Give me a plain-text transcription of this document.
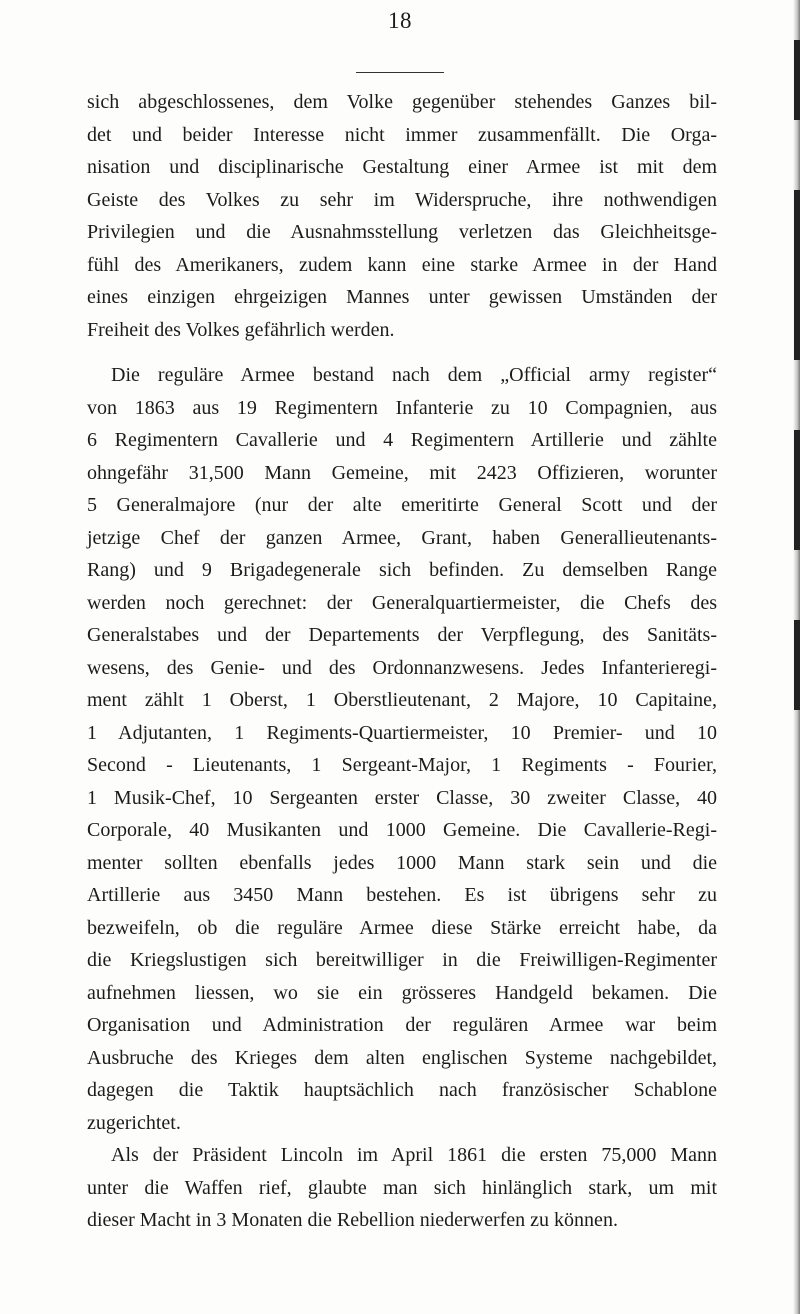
18

sich abgeschlossenes, dem Volke gegenüber stehendes Ganzes bil-
det und beider Interesse nicht immer zusammenfällt. Die Orga-
nisation und disciplinarische Gestaltung einer Armee ist mit dem
Geiste des Volkes zu sehr im Widerspruche, ihre nothwendigen
Privilegien und die Ausnahmsstellung verletzen das Gleichheitsge-
fühl des Amerikaners, zudem kann eine starke Armee in der Hand
eines einzigen ehrgeizigen Mannes unter gewissen Umständen der
Freiheit des Volkes gefährlich werden.

Die reguläre Armee bestand nach dem „Official army register“
von 1863 aus 19 Regimentern Infanterie zu 10 Compagnien, aus
6 Regimentern Cavallerie und 4 Regimentern Artillerie und zählte
ohngefähr 31,500 Mann Gemeine, mit 2423 Offizieren, worunter
5 Generalmajore (nur der alte emeritirte General Scott und der
jetzige Chef der ganzen Armee, Grant, haben Generallieutenants-
Rang) und 9 Brigadegenerale sich befinden. Zu demselben Range
werden noch gerechnet: der Generalquartiermeister, die Chefs des
Generalstabes und der Departements der Verpflegung, des Sanitäts-
wesens, des Genie- und des Ordonnanzwesens. Jedes Infanterieregi-
ment zählt 1 Oberst, 1 Oberstlieutenant, 2 Majore, 10 Capitaine,
1 Adjutanten, 1 Regiments-Quartiermeister, 10 Premier- und 10
Second - Lieutenants, 1 Sergeant-Major, 1 Regiments - Fourier,
1 Musik-Chef, 10 Sergeanten erster Classe, 30 zweiter Classe, 40
Corporale, 40 Musikanten und 1000 Gemeine. Die Cavallerie-Regi-
menter sollten ebenfalls jedes 1000 Mann stark sein und die
Artillerie aus 3450 Mann bestehen. Es ist übrigens sehr zu
bezweifeln, ob die reguläre Armee diese Stärke erreicht habe, da
die Kriegslustigen sich bereitwilliger in die Freiwilligen-Regimenter
aufnehmen liessen, wo sie ein grösseres Handgeld bekamen. Die
Organisation und Administration der regulären Armee war beim
Ausbruche des Krieges dem alten englischen Systeme nachgebildet,
dagegen die Taktik hauptsächlich nach französischer Schablone
zugerichtet.

Als der Präsident Lincoln im April 1861 die ersten 75,000 Mann
unter die Waffen rief, glaubte man sich hinlänglich stark, um mit
dieser Macht in 3 Monaten die Rebellion niederwerfen zu können.
